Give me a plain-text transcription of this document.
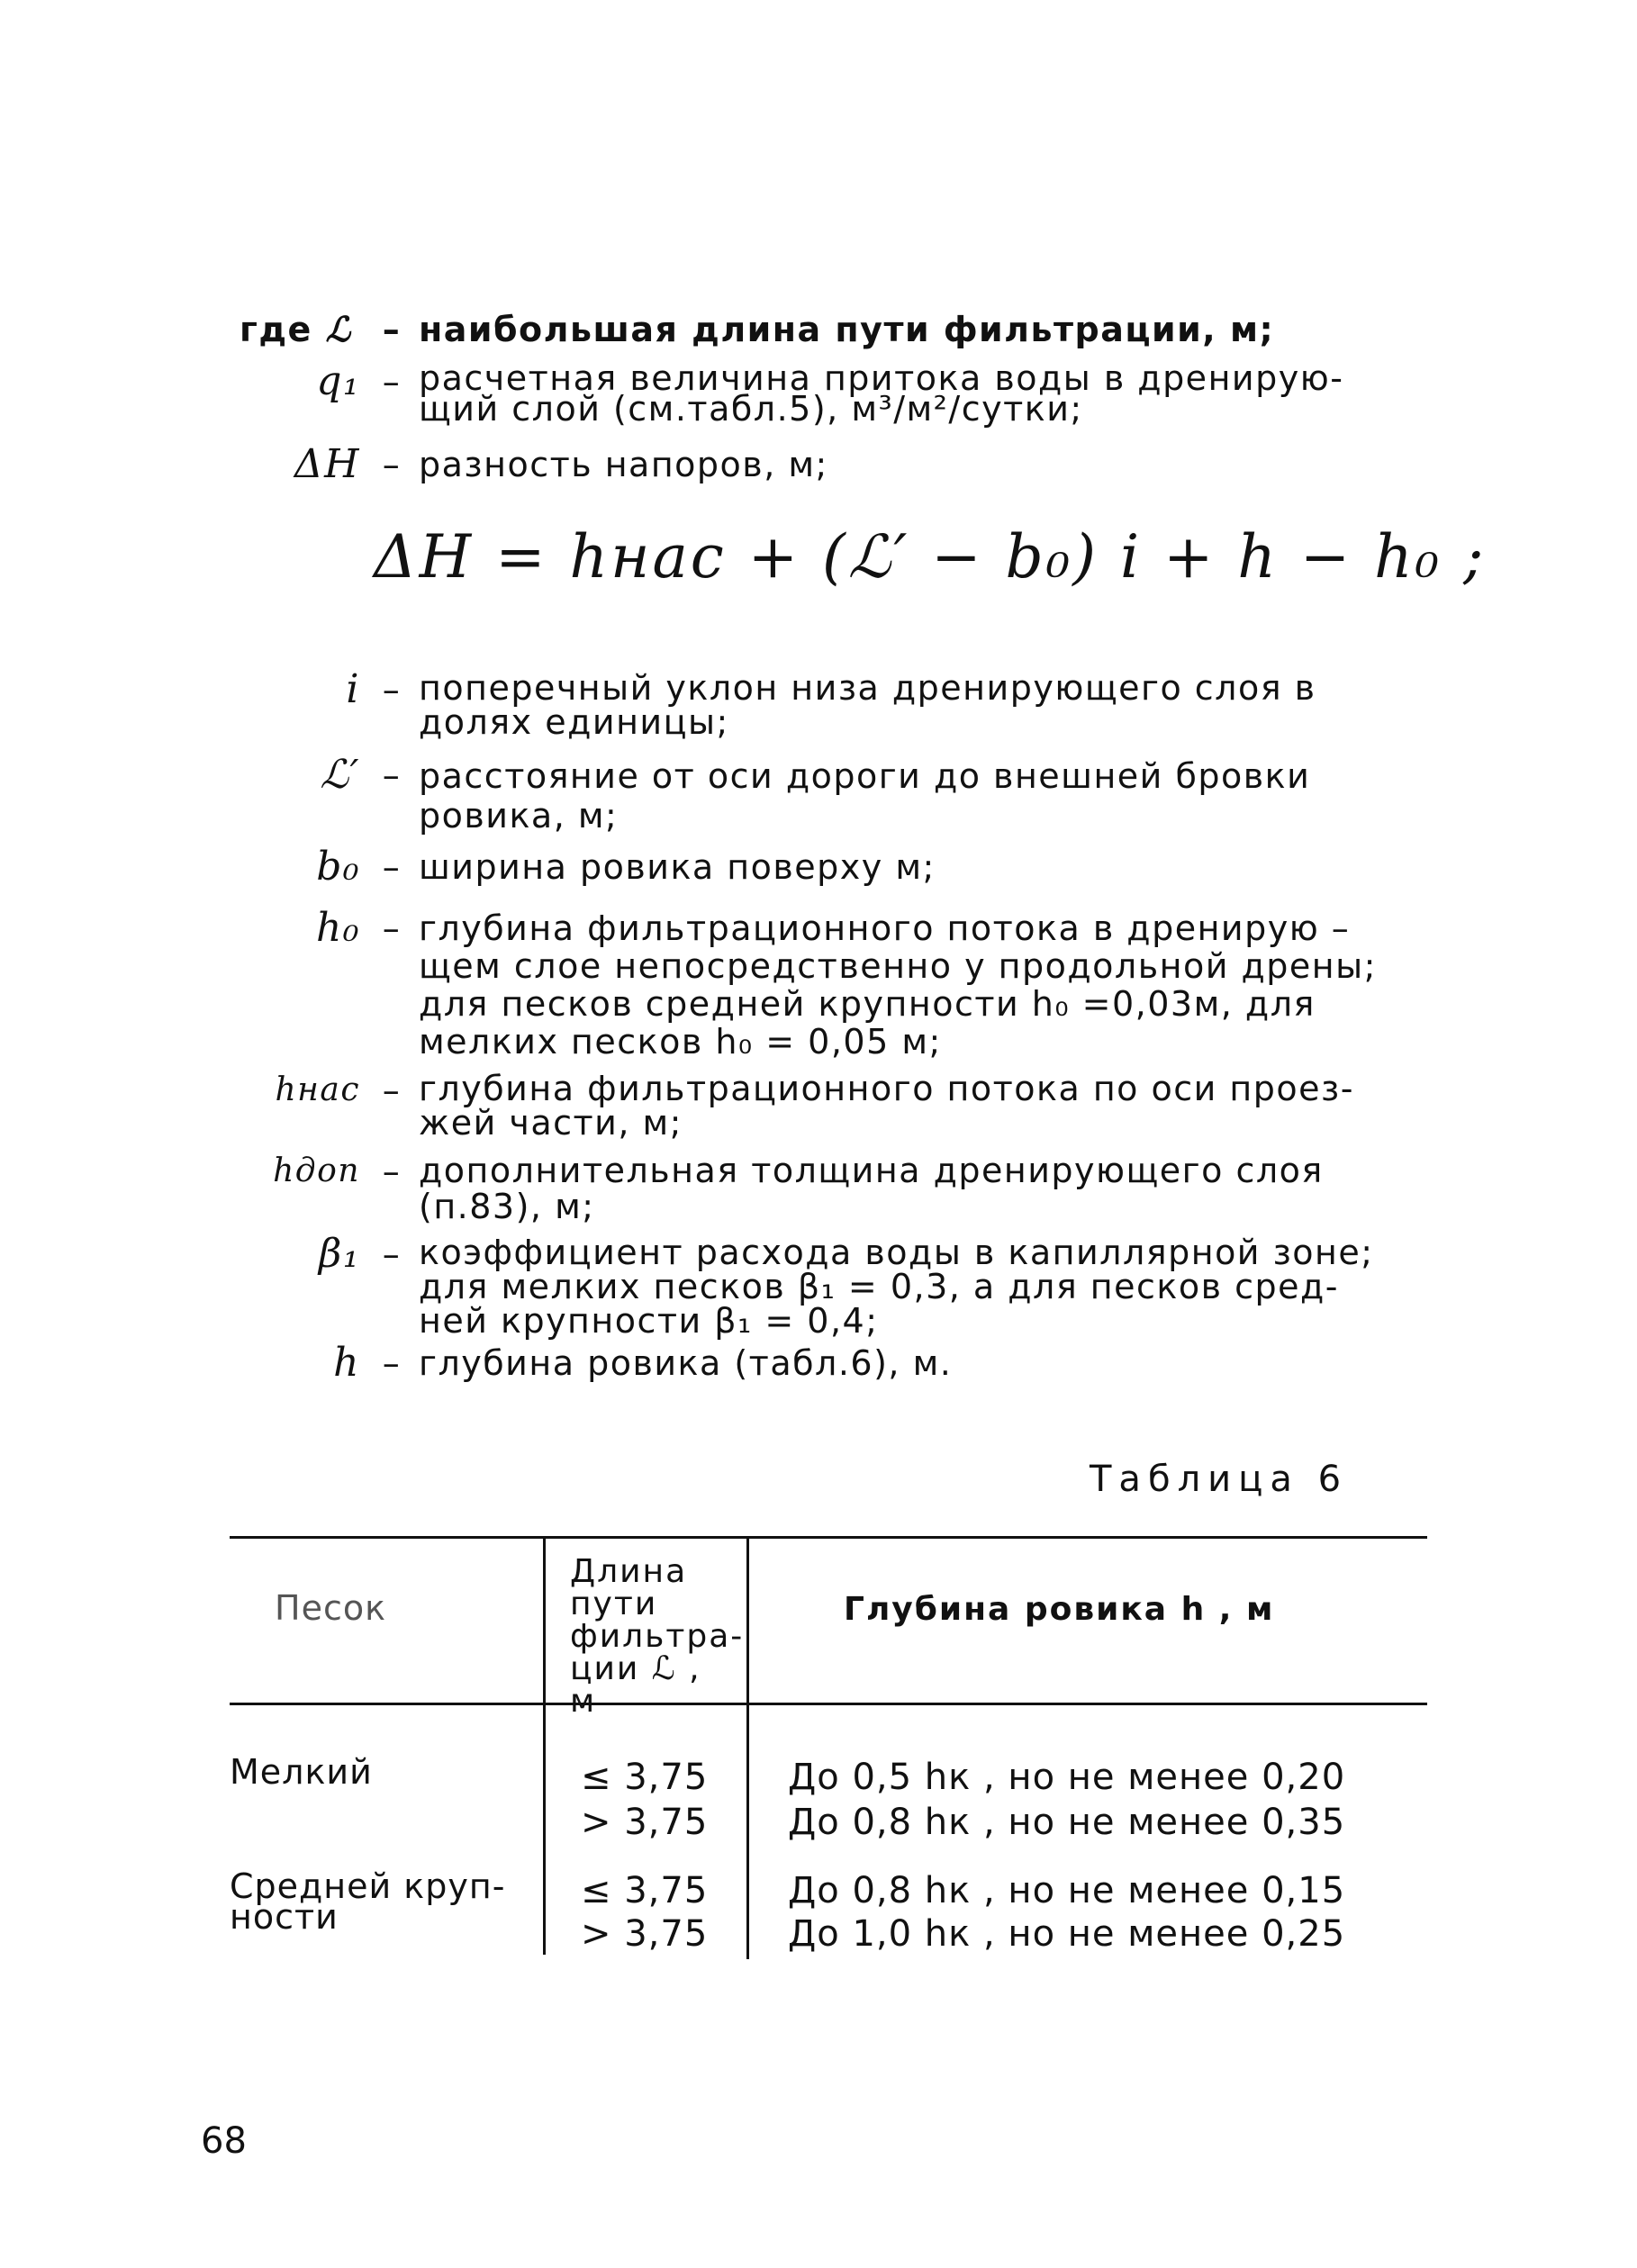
где ℒ – наибольшая длина пути фильтрации, м;
q₁ – расчетная величина притока воды в дренирую-
щий слой (см.табл.5), м³/м²/сутки;
ΔH – разность напоров, м;
i – поперечный уклон низа дренирующего слоя в
долях единицы;
ℒ′ – расстояние от оси дороги до внешней бровки
ровика, м;
b₀ – ширина ровика поверху м;
h₀ – глубина фильтрационного потока в дренирую –
щем слое непосредственно у продольной дрены;
для песков средней крупности h₀ =0,03м, для
мелких песков h₀ = 0,05 м;
hнас – глубина фильтрационного потока по оси проез-
жей части, м;
hдоп – дополнительная толщина дренирующего слоя
(п.83), м;
β₁ – коэффициент расхода воды в капиллярной зоне;
для мелких песков β₁ = 0,3, а для песков сред-
ней крупности β₁ = 0,4;
h – глубина ровика (табл.6), м.
ΔH = hнас + (ℒ′ − b₀) i + h − h₀ ;
Таблица 6
Песок
Длина
пути
фильтра-
ции ℒ ,
м
Глубина ровика h , м
Мелкий	≤ 3,75 До 0,5 hк , но не менее 0,20
> 3,75 До 0,8 hк , но не менее 0,35
Средней круп-
ности
≤ 3,75 До 0,8 hк , но не менее 0,15
> 3,75 До 1,0 hк , но не менее 0,25
68
